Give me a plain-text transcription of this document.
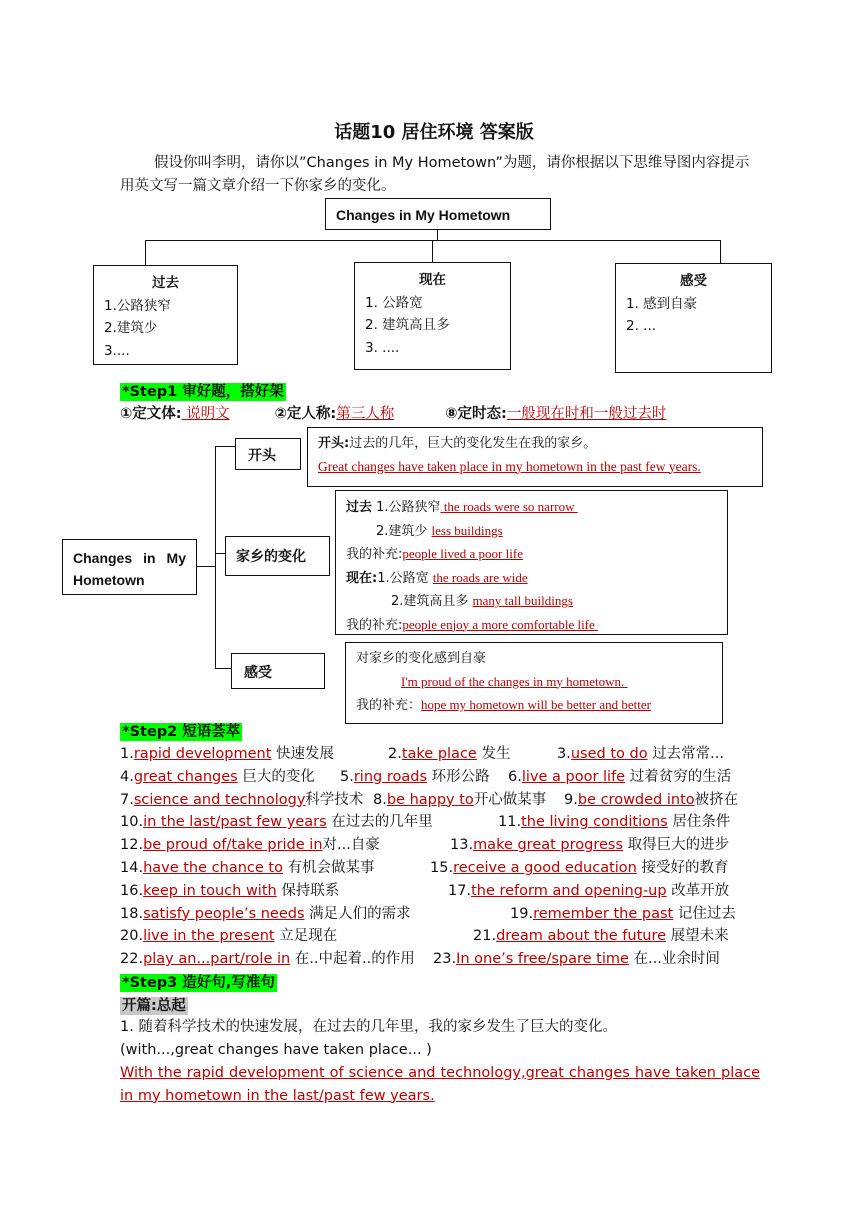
话题10 居住环境 答案版
假设你叫李明，请你以”Changes in My Hometown”为题，请你根据以下思维导图内容提示用英文写一篇文章介绍一下你家乡的变化。
Changes in My Hometown
过去
1.公路狭窄
2.建筑少
3....
现在
1. 公路宽
2. 建筑高且多
3. ....
感受
1. 感到自豪
2. ...
*Step1 审好题，搭好架
①定文体: 说明文	②定人称:第三人称	⑧定时态:一般现在时和一般过去时
Changes in My Hometown
开头
家乡的变化
感受
开头:过去的几年，巨大的变化发生在我的家乡。
Great changes have taken place in my hometown in the past few years.
过去 1.公路狭窄 the roads were so narrow
2.建筑少 less buildings
我的补充:people lived a poor life
现在:1.公路宽 the roads are wide
2.建筑高且多 many tall buildings
我的补充:people enjoy a more comfortable life
对家乡的变化感到自豪
I'm proud of the changes in my hometown.
我的补充：hope my hometown will be better and better
*Step2 短语荟萃
1.rapid development 快速发展	2.take place 发生	3.used to do 过去常常...
4.great changes 巨大的变化 5.ring roads 环形公路 6.live a poor life 过着贫穷的生活
7.science and technology科学技术 8.be happy to开心做某事 9.be crowded into被挤在
10.in the last/past few years 在过去的几年里	11.the living conditions 居住条件
12.be proud of/take pride in对...自豪	13.make great progress 取得巨大的进步
14.have the chance to 有机会做某事	15.receive a good education 接受好的教育
16.keep in touch with 保持联系	17.the reform and opening-up 改革开放
18.satisfy people’s needs 满足人们的需求	19.remember the past 记住过去
20.live in the present 立足现在	21.dream about the future 展望未来
22.play an...part/role in 在..中起着..的作用 23.In one’s free/spare time 在...业余时间
*Step3 造好句,写准句
开篇:总起
1. 随着科学技术的快速发展，在过去的几年里，我的家乡发生了巨大的变化。
(with...,great changes have taken place... )
With the rapid development of science and technology,great changes have taken place in my hometown in the last/past few years.
